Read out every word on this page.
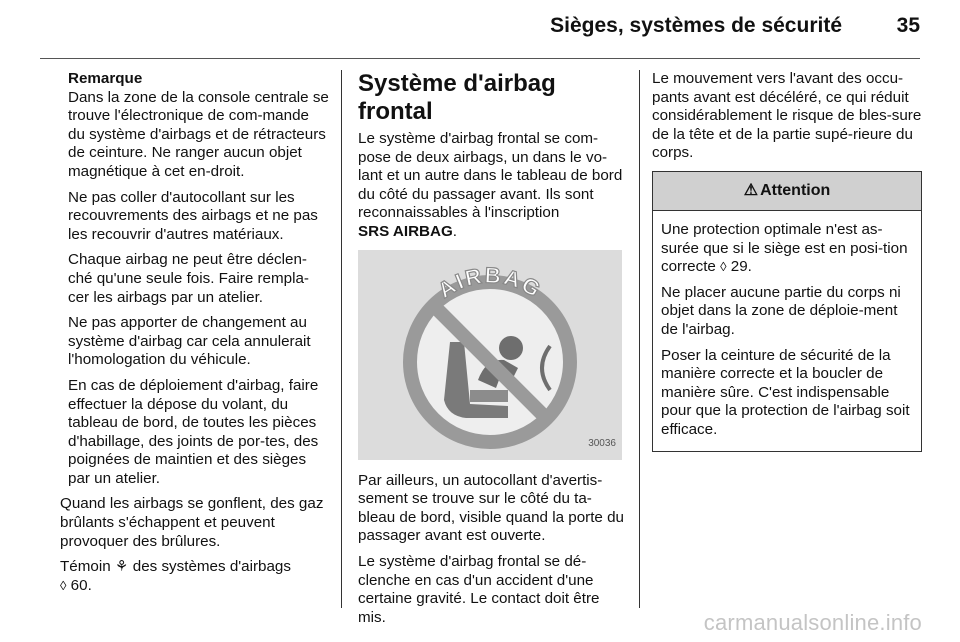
Sièges, systèmes de sécurité	35
Remarque

Dans la zone de la console centrale se trouve l'électronique de com-mande du système d'airbags et de rétracteurs de ceinture. Ne ranger aucun objet magnétique à cet en-droit.

Ne pas coller d'autocollant sur les recouvrements des airbags et ne pas les recouvrir d'autres matériaux.

Chaque airbag ne peut être déclen-ché qu'une seule fois. Faire rempla-cer les airbags par un atelier.

Ne pas apporter de changement au système d'airbag car cela annulerait l'homologation du véhicule.

En cas de déploiement d'airbag, faire effectuer la dépose du volant, du tableau de bord, de toutes les pièces d'habillage, des joints de por-tes, des poignées de maintien et des sièges par un atelier.

Quand les airbags se gonflent, des gaz brûlants s'échappent et peuvent provoquer des brûlures.

Témoin ⚘ des systèmes d'airbags
◊ 60.

Système d'airbag frontal

Le système d'airbag frontal se com-pose de deux airbags, un dans le vo-lant et un autre dans le tableau de bord du côté du passager avant. Ils sont reconnaissables à l'inscription
SRS AIRBAG.

AIRBAG
30036

Par ailleurs, un autocollant d'avertis-sement se trouve sur le côté du ta-bleau de bord, visible quand la porte du passager avant est ouverte.

Le système d'airbag frontal se dé-clenche en cas d'un accident d'une certaine gravité. Le contact doit être mis.

Le mouvement vers l'avant des occu-pants avant est décéléré, ce qui réduit considérablement le risque de bles-sure de la tête et de la partie supé-rieure du corps.

⚠ Attention

Une protection optimale n'est as-surée que si le siège est en posi-tion correcte ◊ 29.

Ne placer aucune partie du corps ni objet dans la zone de déploie-ment de l'airbag.

Poser la ceinture de sécurité de la manière correcte et la boucler de manière sûre. C'est indispensable pour que la protection de l'airbag soit efficace.

carmanualsonline.info
